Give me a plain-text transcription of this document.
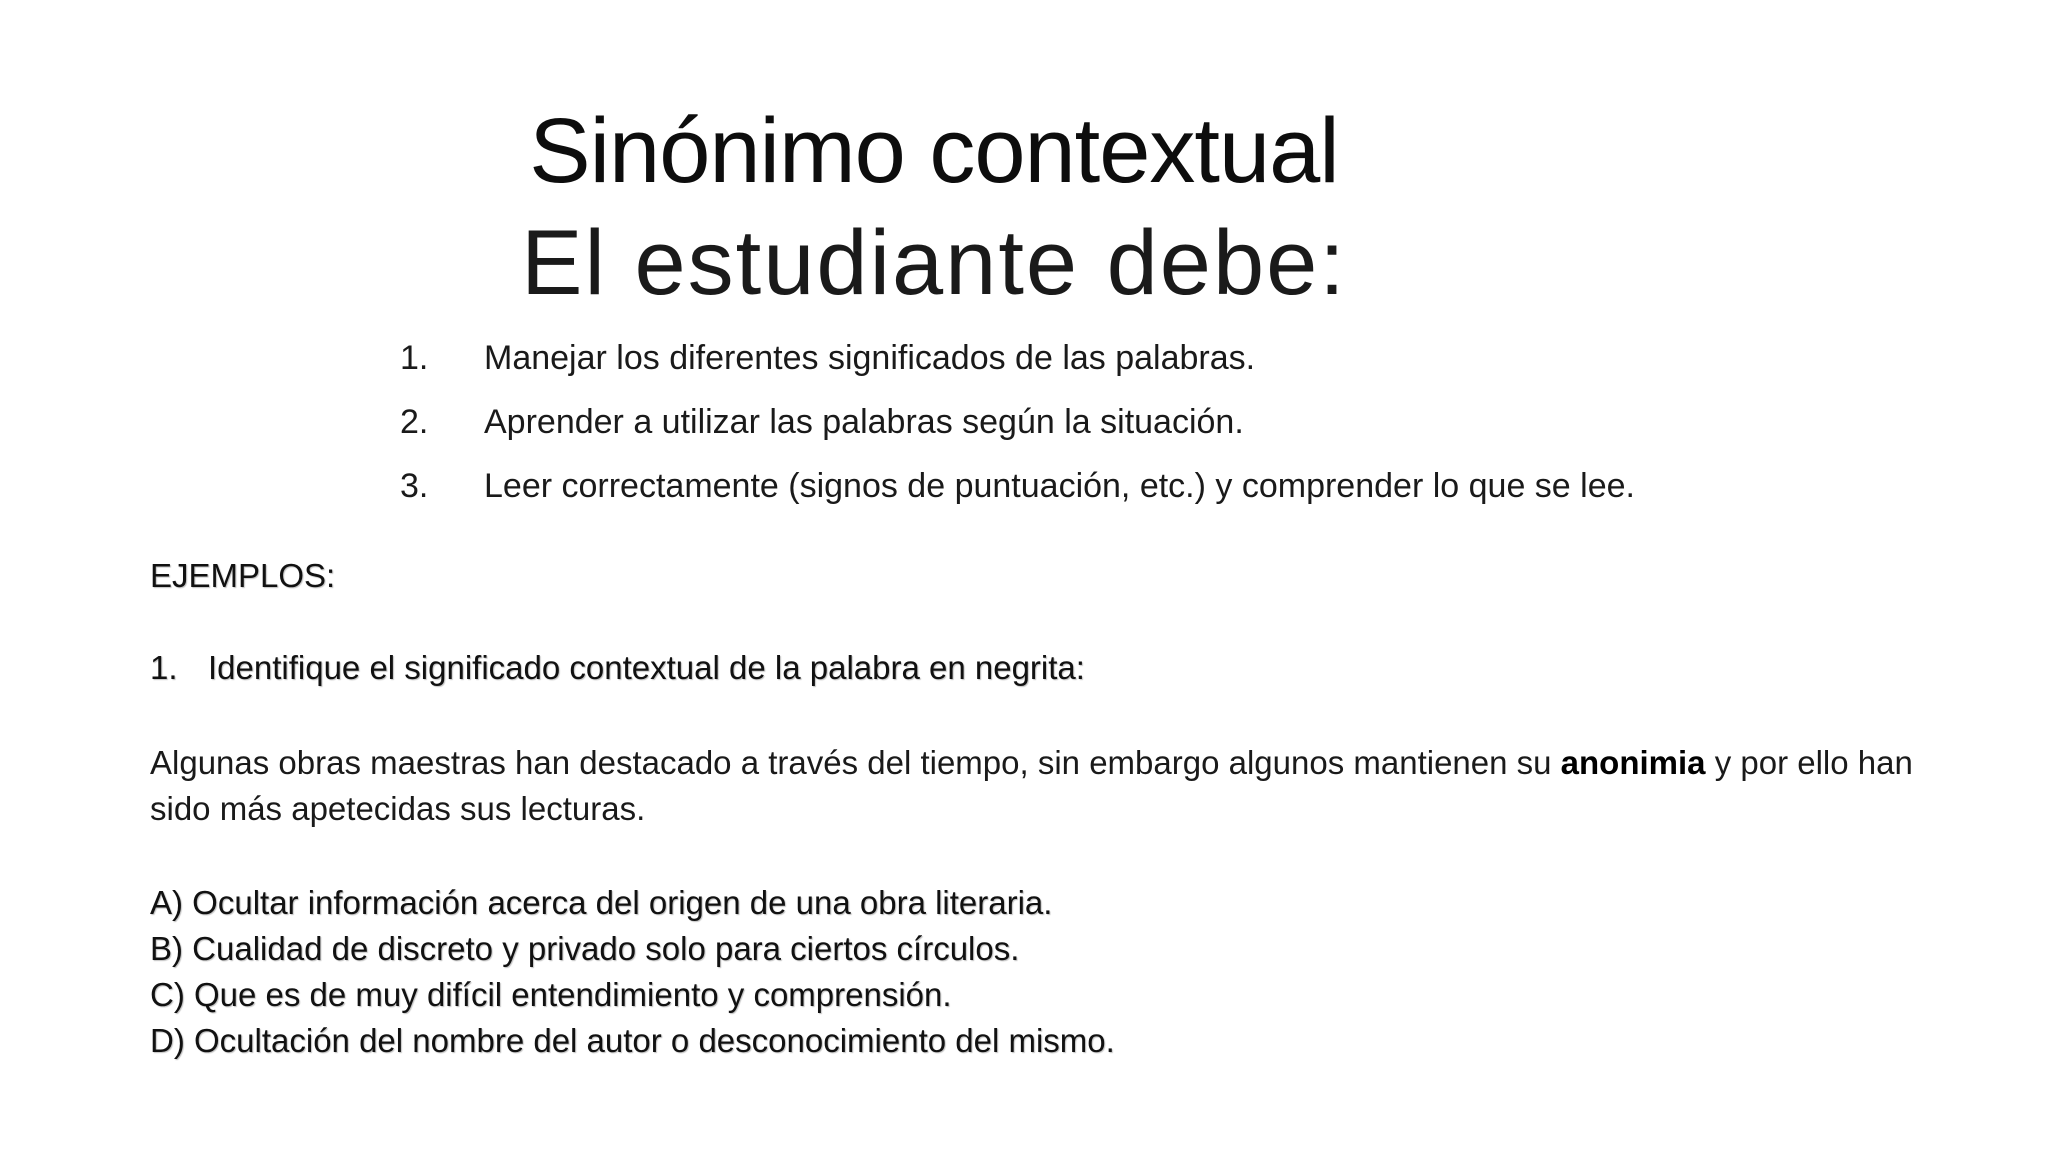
Sinónimo contextual
El estudiante debe:
1.	Manejar los diferentes significados de las palabras.
2.	Aprender a utilizar las palabras según la situación.
3.	Leer correctamente (signos de puntuación, etc.) y comprender lo que se lee.
EJEMPLOS:
1. Identifique el significado contextual de la palabra en negrita:
Algunas obras maestras han destacado a través del tiempo, sin embargo algunos mantienen su anonimia y por ello han sido más apetecidas sus lecturas.
A) Ocultar información acerca del origen de una obra literaria.
B) Cualidad de discreto y privado solo para ciertos círculos.
C) Que es de muy difícil entendimiento y comprensión.
D) Ocultación del nombre del autor o desconocimiento del mismo.
